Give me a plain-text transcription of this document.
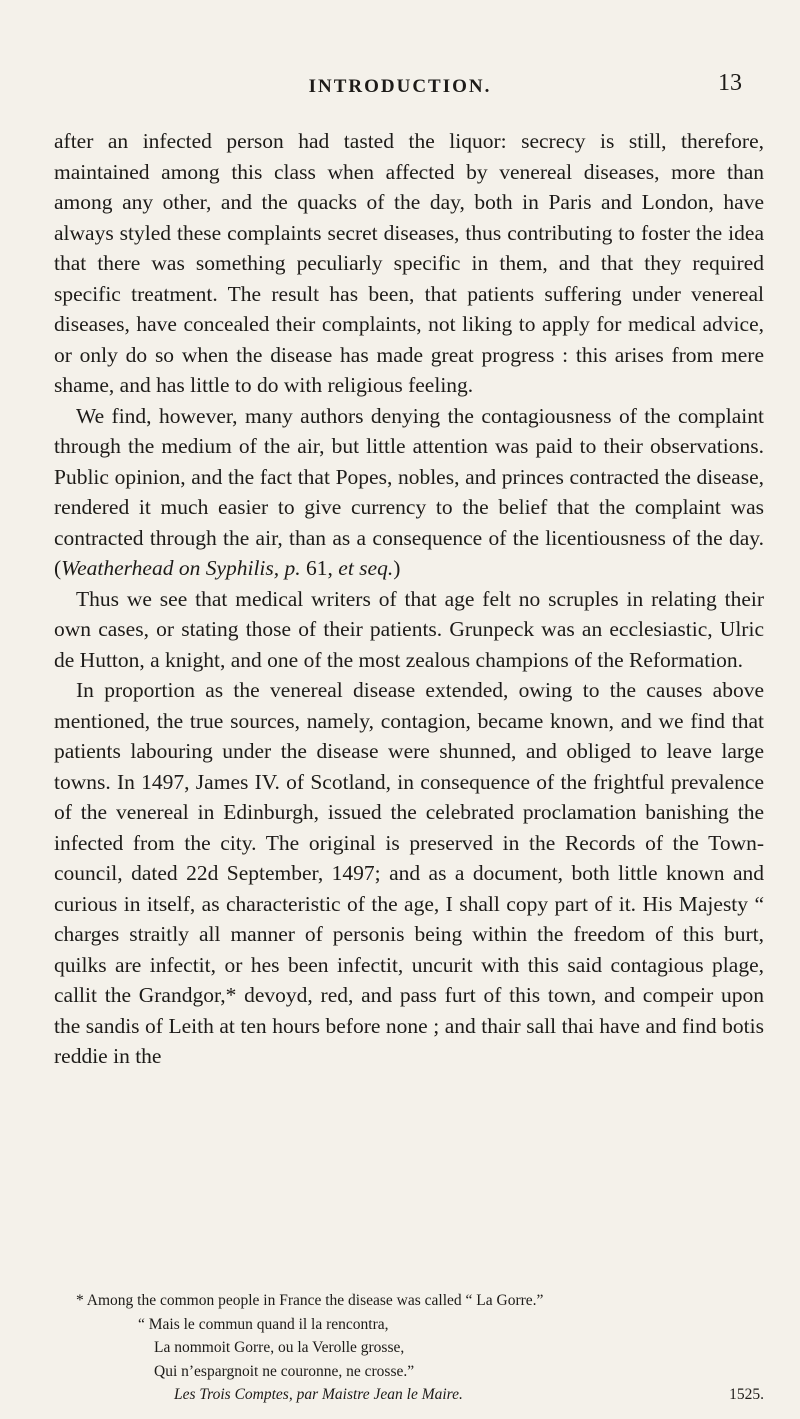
INTRODUCTION.	13

after an infected person had tasted the liquor: secrecy is still, therefore, maintained among this class when affected by venereal diseases, more than among any other, and the quacks of the day, both in Paris and London, have always styled these complaints secret diseases, thus contributing to foster the idea that there was something peculiarly specific in them, and that they required specific treatment. The result has been, that patients suffering under venereal diseases, have concealed their complaints, not liking to apply for medical advice, or only do so when the disease has made great progress : this arises from mere shame, and has little to do with religious feeling.

We find, however, many authors denying the contagiousness of the complaint through the medium of the air, but little attention was paid to their observations. Public opinion, and the fact that Popes, nobles, and princes contracted the disease, rendered it much easier to give currency to the belief that the complaint was contracted through the air, than as a consequence of the licentiousness of the day. (Weatherhead on Syphilis, p. 61, et seq.)

Thus we see that medical writers of that age felt no scruples in relating their own cases, or stating those of their patients. Grunpeck was an ecclesiastic, Ulric de Hutton, a knight, and one of the most zealous champions of the Reformation.

In proportion as the venereal disease extended, owing to the causes above mentioned, the true sources, namely, contagion, became known, and we find that patients labouring under the disease were shunned, and obliged to leave large towns. In 1497, James IV. of Scotland, in consequence of the frightful prevalence of the venereal in Edinburgh, issued the celebrated proclamation banishing the infected from the city. The original is preserved in the Records of the Town-council, dated 22d September, 1497; and as a document, both little known and curious in itself, as characteristic of the age, I shall copy part of it. His Majesty “ charges straitly all manner of personis being within the freedom of this burt, quilks are infectit, or hes been infectit, uncurit with this said contagious plage, callit the Grandgor,* devoyd, red, and pass furt of this town, and compeir upon the sandis of Leith at ten hours before none ; and thair sall thai have and find botis reddie in the

* Among the common people in France the disease was called “ La Gorre.”
“ Mais le commun quand il la rencontra,
La nommoit Gorre, ou la Verolle grosse,
Qui n’espargnoit ne couronne, ne crosse.”
Les Trois Comptes, par Maistre Jean le Maire.	1525.
